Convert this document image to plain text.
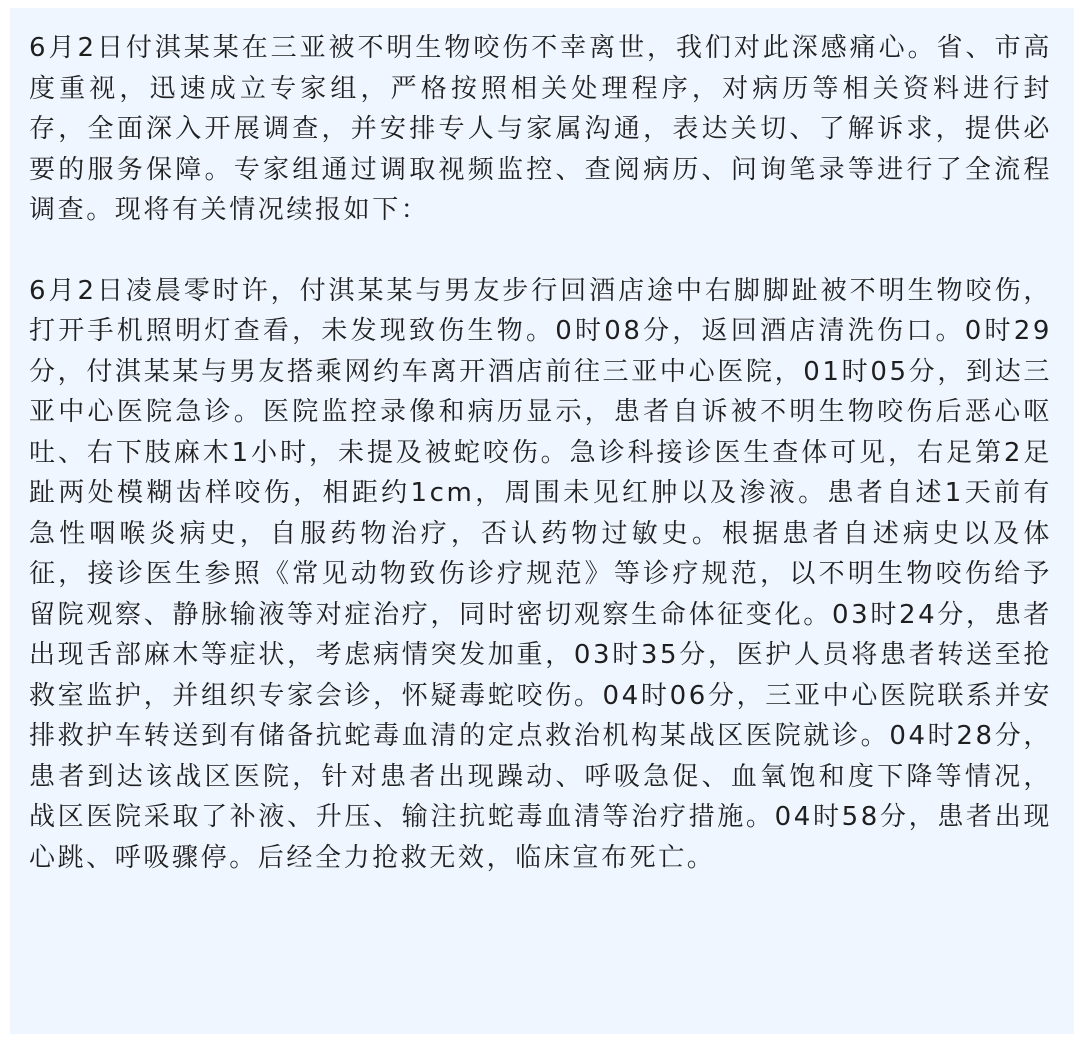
6月2日付淇某某在三亚被不明生物咬伤不幸离世，我们对此深感痛心。省、市高度重视，迅速成立专家组，严格按照相关处理程序，对病历等相关资料进行封存，全面深入开展调查，并安排专人与家属沟通，表达关切、了解诉求，提供必要的服务保障。专家组通过调取视频监控、查阅病历、问询笔录等进行了全流程调查。现将有关情况续报如下：

6月2日凌晨零时许，付淇某某与男友步行回酒店途中右脚脚趾被不明生物咬伤，打开手机照明灯查看，未发现致伤生物。0时08分，返回酒店清洗伤口。0时29分，付淇某某与男友搭乘网约车离开酒店前往三亚中心医院，01时05分，到达三亚中心医院急诊。医院监控录像和病历显示，患者自诉被不明生物咬伤后恶心呕吐、右下肢麻木1小时，未提及被蛇咬伤。急诊科接诊医生查体可见，右足第2足趾两处模糊齿样咬伤，相距约1cm，周围未见红肿以及渗液。患者自述1天前有急性咽喉炎病史，自服药物治疗，否认药物过敏史。根据患者自述病史以及体征，接诊医生参照《常见动物致伤诊疗规范》等诊疗规范，以不明生物咬伤给予留院观察、静脉输液等对症治疗，同时密切观察生命体征变化。03时24分，患者出现舌部麻木等症状，考虑病情突发加重，03时35分，医护人员将患者转送至抢救室监护，并组织专家会诊，怀疑毒蛇咬伤。04时06分，三亚中心医院联系并安排救护车转送到有储备抗蛇毒血清的定点救治机构某战区医院就诊。04时28分，患者到达该战区医院，针对患者出现躁动、呼吸急促、血氧饱和度下降等情况，战区医院采取了补液、升压、输注抗蛇毒血清等治疗措施。04时58分，患者出现心跳、呼吸骤停。后经全力抢救无效，临床宣布死亡。
